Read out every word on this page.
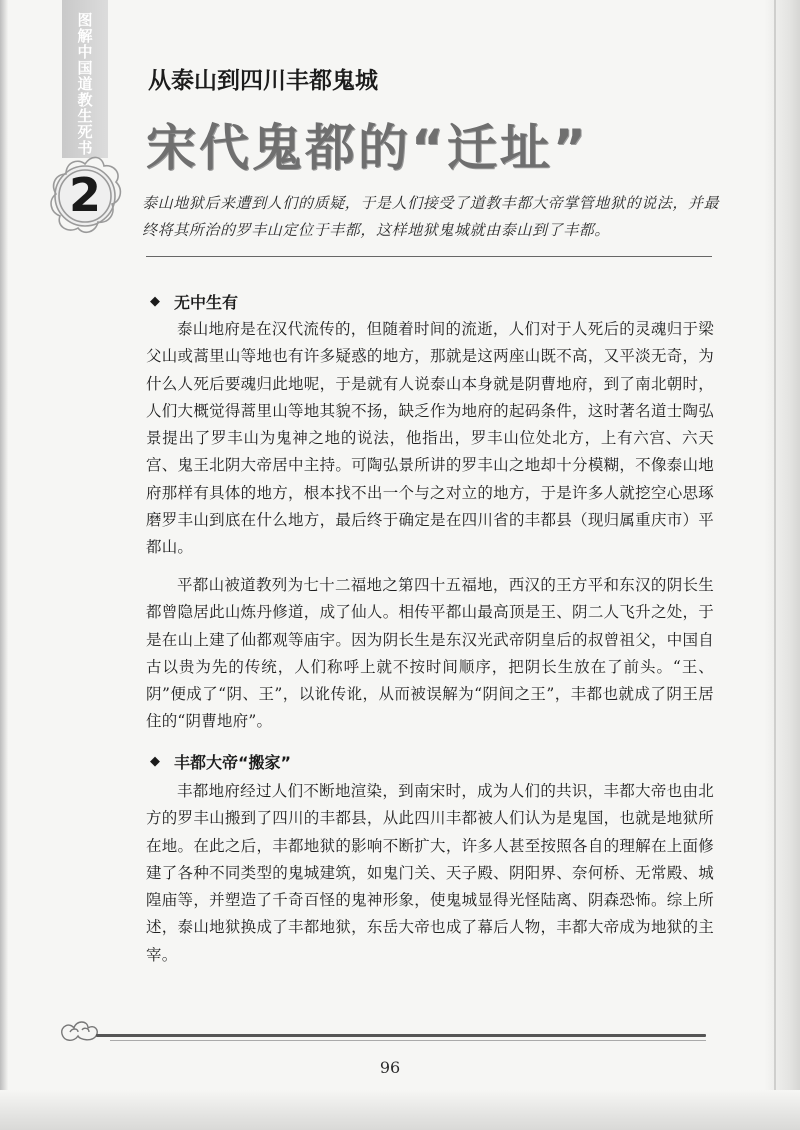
图解中国道教生死书
2
从泰山到四川丰都鬼城
宋代鬼都的“迁址”
泰山地狱后来遭到人们的质疑，于是人们接受了道教丰都大帝掌管地狱的说法，并最终将其所治的罗丰山定位于丰都，这样地狱鬼城就由泰山到了丰都。
◆ 无中生有
泰山地府是在汉代流传的，但随着时间的流逝，人们对于人死后的灵魂归于梁父山或蒿里山等地也有许多疑惑的地方，那就是这两座山既不高，又平淡无奇，为什么人死后要魂归此地呢，于是就有人说泰山本身就是阴曹地府，到了南北朝时，人们大概觉得蒿里山等地其貌不扬，缺乏作为地府的起码条件，这时著名道士陶弘景提出了罗丰山为鬼神之地的说法，他指出，罗丰山位处北方，上有六宫、六天宫、鬼王北阴大帝居中主持。可陶弘景所讲的罗丰山之地却十分模糊，不像泰山地府那样有具体的地方，根本找不出一个与之对立的地方，于是许多人就挖空心思琢磨罗丰山到底在什么地方，最后终于确定是在四川省的丰都县（现归属重庆市）平都山。
平都山被道教列为七十二福地之第四十五福地，西汉的王方平和东汉的阴长生都曾隐居此山炼丹修道，成了仙人。相传平都山最高顶是王、阴二人飞升之处，于是在山上建了仙都观等庙宇。因为阴长生是东汉光武帝阴皇后的叔曾祖父，中国自古以贵为先的传统，人们称呼上就不按时间顺序，把阴长生放在了前头。“王、阴”便成了“阴、王”，以讹传讹，从而被误解为“阴间之王”，丰都也就成了阴王居住的“阴曹地府”。
◆ 丰都大帝“搬家”
丰都地府经过人们不断地渲染，到南宋时，成为人们的共识，丰都大帝也由北方的罗丰山搬到了四川的丰都县，从此四川丰都被人们认为是鬼国，也就是地狱所在地。在此之后，丰都地狱的影响不断扩大，许多人甚至按照各自的理解在上面修建了各种不同类型的鬼城建筑，如鬼门关、天子殿、阴阳界、奈何桥、无常殿、城隍庙等，并塑造了千奇百怪的鬼神形象，使鬼城显得光怪陆离、阴森恐怖。综上所述，泰山地狱换成了丰都地狱，东岳大帝也成了幕后人物，丰都大帝成为地狱的主宰。
96
